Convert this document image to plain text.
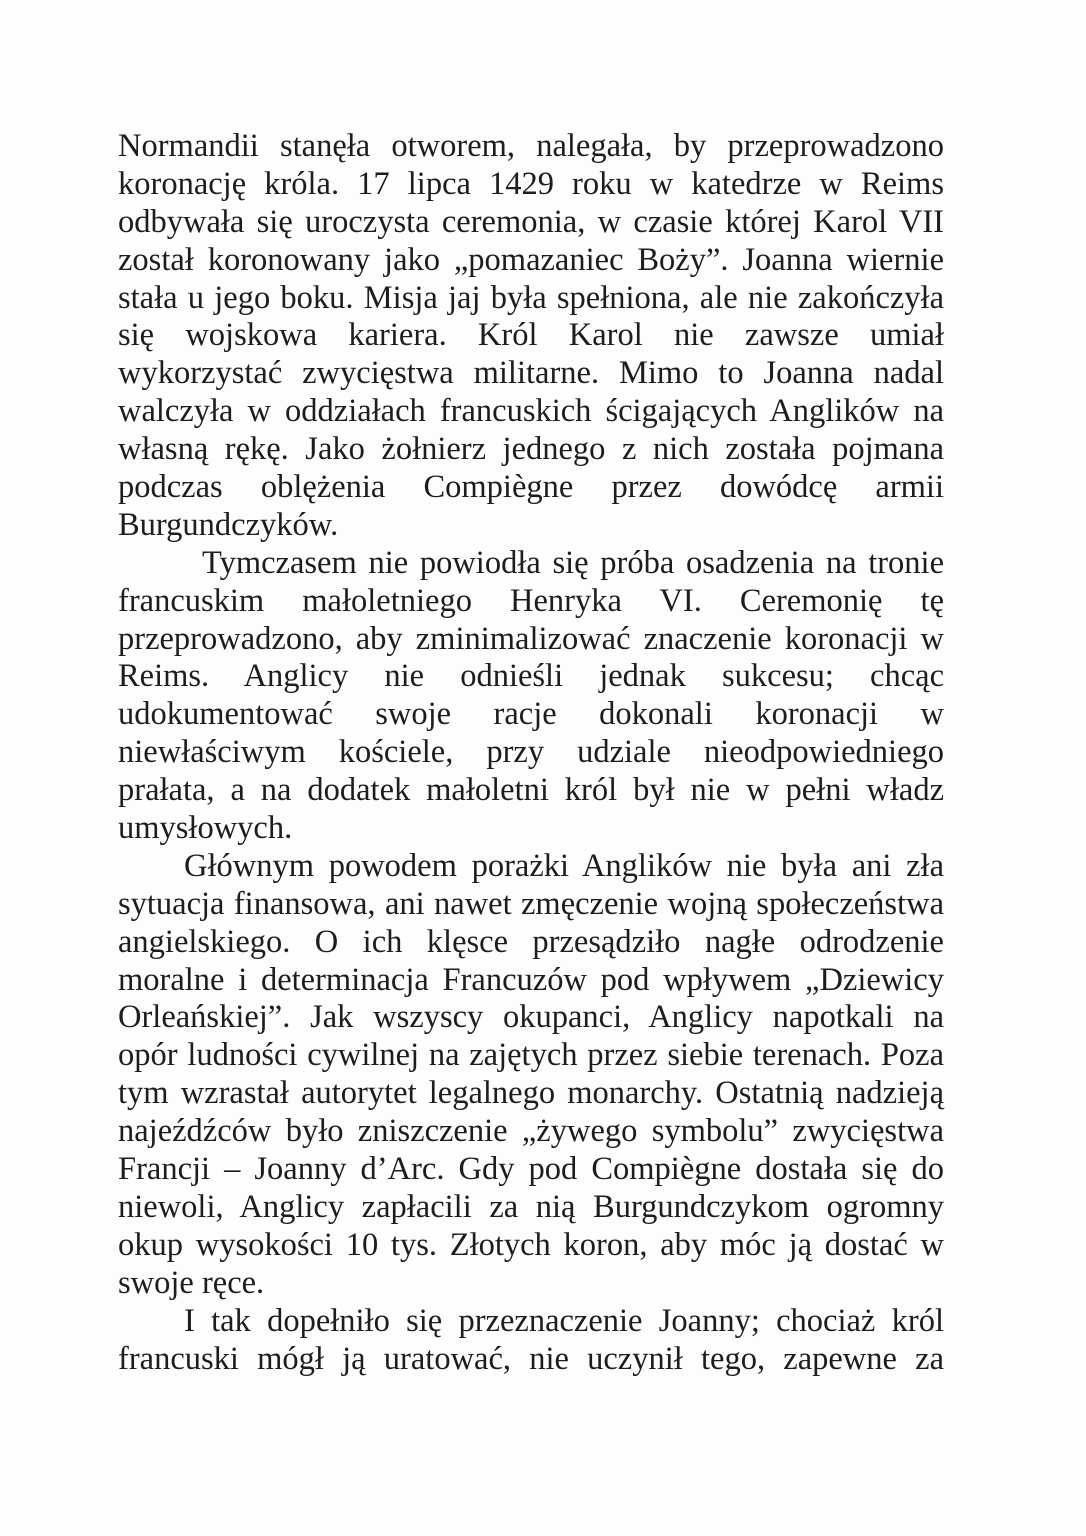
Normandii stanęła otworem, nalegała, by przeprowadzono
koronację króla. 17 lipca 1429 roku w katedrze w Reims
odbywała się uroczysta ceremonia, w czasie której Karol VII
został koronowany jako „pomazaniec Boży”. Joanna wiernie
stała u jego boku. Misja jaj była spełniona, ale nie zakończyła
się wojskowa kariera. Król Karol nie zawsze umiał
wykorzystać zwycięstwa militarne. Mimo to Joanna nadal
walczyła w oddziałach francuskich ścigających Anglików na
własną rękę. Jako żołnierz jednego z nich została pojmana
podczas oblężenia Compiègne przez dowódcę armii
Burgundczyków.
Tymczasem nie powiodła się próba osadzenia na tronie
francuskim małoletniego Henryka VI. Ceremonię tę
przeprowadzono, aby zminimalizować znaczenie koronacji w
Reims. Anglicy nie odnieśli jednak sukcesu; chcąc
udokumentować swoje racje dokonali koronacji w
niewłaściwym kościele, przy udziale nieodpowiedniego
prałata, a na dodatek małoletni król był nie w pełni władz
umysłowych.
Głównym powodem porażki Anglików nie była ani zła
sytuacja finansowa, ani nawet zmęczenie wojną społeczeństwa
angielskiego. O ich klęsce przesądziło nagłe odrodzenie
moralne i determinacja Francuzów pod wpływem „Dziewicy
Orleańskiej”. Jak wszyscy okupanci, Anglicy napotkali na
opór ludności cywilnej na zajętych przez siebie terenach. Poza
tym wzrastał autorytet legalnego monarchy. Ostatnią nadzieją
najeźdźców było zniszczenie „żywego symbolu” zwycięstwa
Francji – Joanny d’Arc. Gdy pod Compiègne dostała się do
niewoli, Anglicy zapłacili za nią Burgundczykom ogromny
okup wysokości 10 tys. Złotych koron, aby móc ją dostać w
swoje ręce.
I tak dopełniło się przeznaczenie Joanny; chociaż król
francuski mógł ją uratować, nie uczynił tego, zapewne za
